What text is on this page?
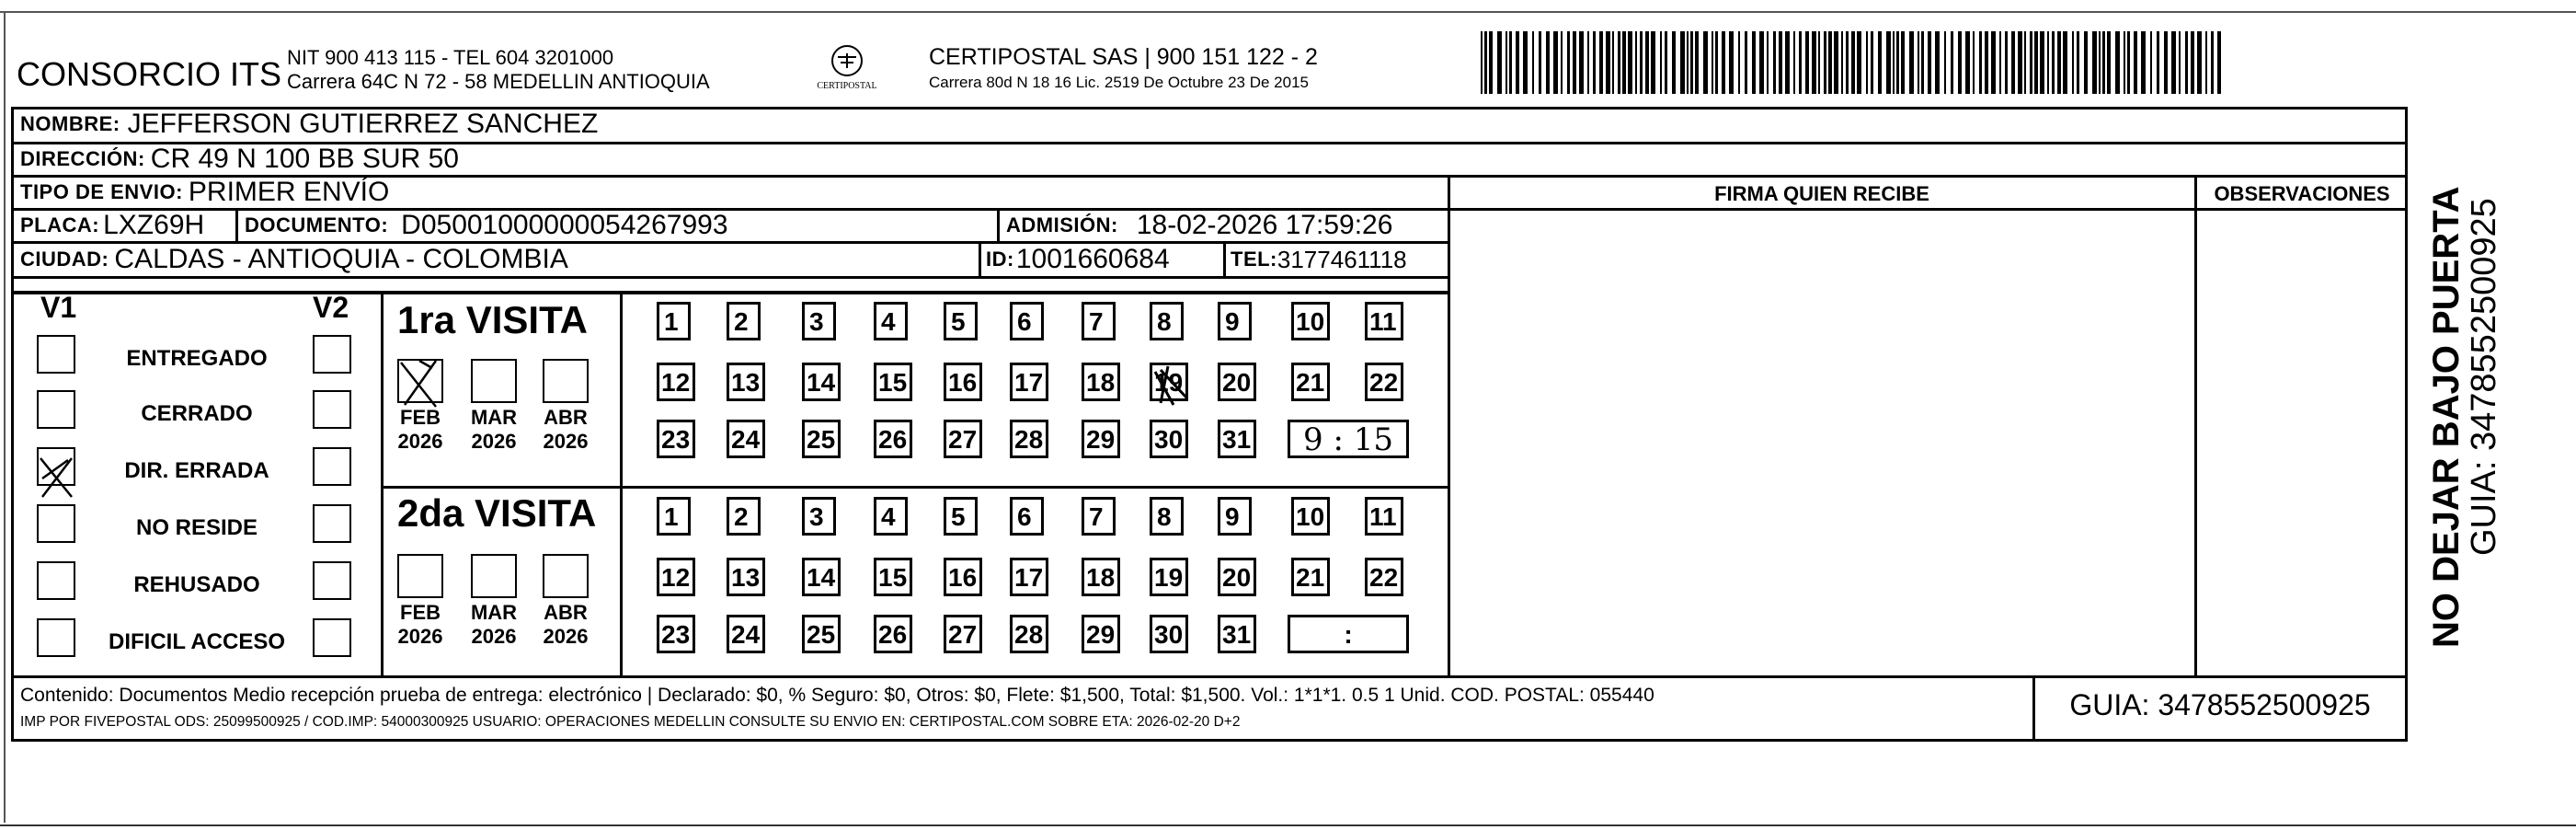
CONSORCIO ITS NIT 900 413 115 - TEL 604 3201000
Carrera 64C N 72 - 58 MEDELLIN ANTIOQUIA	CERTIPOSTAL
CERTIPOSTAL SAS | 900 151 122 - 2
Carrera 80d N 18 16 Lic. 2519 De Octubre 23 De 2015
NOMBRE: JEFFERSON GUTIERREZ SANCHEZ
DIRECCIÓN: CR 49 N 100 BB SUR 50
TIPO DE ENVIO: PRIMER ENVÍO	FIRMA QUIEN RECIBE	OBSERVACIONES
PLACA: LXZ69H DOCUMENTO: D05001000000054267993	ADMISIÓN: 18-02-2026 17:59:26
CIUDAD: CALDAS - ANTIOQUIA - COLOMBIA	ID: 1001660684	TEL: 3177461118
V1	V2
ENTREGADO
CERRADO
DIR. ERRADA
NO RESIDE
REHUSADO
DIFICIL ACCESO
1ra VISITA
2da VISITA
FEB
2026
MAR
2026
ABR
2026
1	2	3	4	5	6	7	8	9	10 11
12 13 14 15 16 17 18 19 20 21 22
23 24 25 26 27 28 29 30 31	9 : 15
FEB
2026
MAR
2026
ABR
2026
1	2	3	4	5	6	7	8	9	10 11
12 13 14 15 16 17 18 19 20 21 22
23 24 25 26 27 28 29 30 31	:
Contenido: Documentos Medio recepción prueba de entrega: electrónico | Declarado: $0, % Seguro: $0, Otros: $0, Flete: $1,500, Total: $1,500. Vol.: 1*1*1. 0.5 1 Unid. COD. POSTAL: 055440
IMP POR FIVEPOSTAL ODS: 25099500925 / COD.IMP: 54000300925 USUARIO: OPERACIONES MEDELLIN CONSULTE SU ENVIO EN: CERTIPOSTAL.COM SOBRE ETA: 2026-02-20 D+2
GUIA: 3478552500925
NO DEJAR BAJO PUERTA
GUIA: 3478552500925
